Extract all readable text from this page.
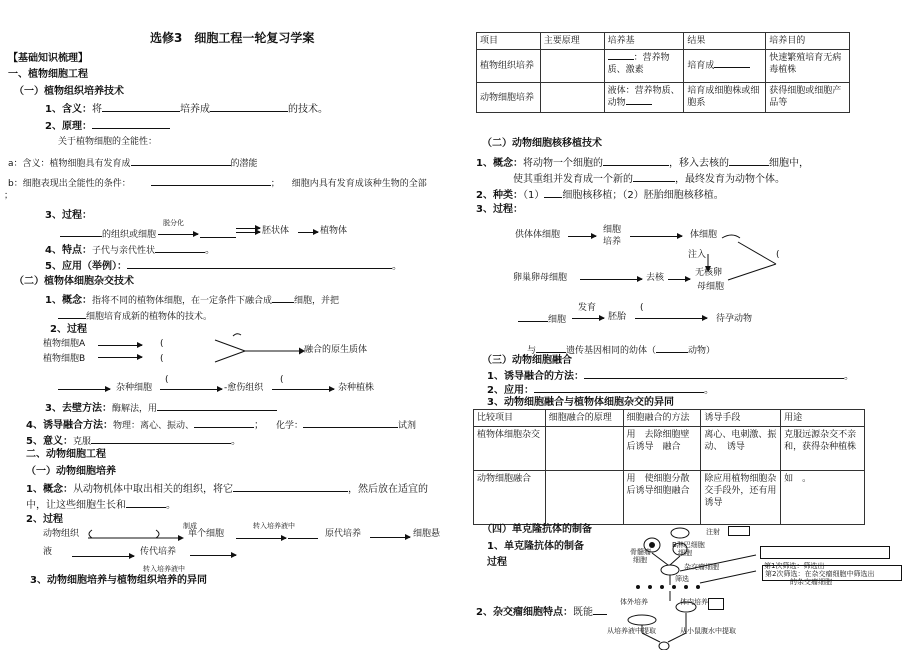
选修3　细胞工程一轮复习学案
【基础知识梳理】
一、植物细胞工程
（一）植物组织培养技术
1、含义：将	培养成	的技术。
2、原理：
关于植物细胞的全能性：
a：含义：植物细胞具有发育成	的潜能
b：细胞表现出全能性的条件：	； 细胞内具有发育成该种生物的全部
；
3、过程：
脱分化
的组织或细胞	胚状体	植物体
4、特点：子代与亲代性状	。
5、应用（举例）：	。
（二）植物体细胞杂交技术
1、概念：指将不同的植物体细胞，在一定条件下融合成 细胞，并把
细胞培育成新的植物体的技术。
2、过程
植物细胞A	(
植物细胞B	(
融合的原生质体
杂种细胞
(
-愈伤组织
(
杂种植株
3、去壁方法：酶解法，用
4、诱导融合方法：物理：离心、振动、	； 化学：	试剂
5、意义：克服	。
二、动物细胞工程
（一）动物细胞培养
1、概念：从动物机体中取出相关的组织，将它	，然后放在适宜的
中，让这些细胞生长和	。
2、过程
动物组织
制成
单个细胞
转入培养液中
原代培养	细胞悬
液	传代培养
转入培养液中
3、动物细胞培养与植物组织培养的异同
项目	主要原理	培养基	结果	培养目的
植物组织培养		：营养物质、激素	培育成	快速繁殖培育无病毒植株
动物细胞培养		液体：营养物质、动物	培育成细胞株或细胞系	获得细胞或细胞产品等
（二）动物细胞核移植技术
1、概念：将动物一个细胞的	，移入去核的	细胞中，
使其重组并发育成一个新的	，最终发育为动物个体。
2、种类：（1） 细胞核移植；（2）胚胎细胞核移植。
3、过程：
供体体细胞	细胞
培养
体细胞
注入	(
卵巢卵母细胞	去核	无核卵
母细胞
细胞
发育
胚胎
(
待孕动物
与	遗传基因相同的幼体（	动物）
（三）动物细胞融合
1、诱导融合的方法：	。
2、应用：	。
3、动物细胞融合与植物体细胞杂交的异同
比较项目	细胞融合的原理	细胞融合的方法	诱导手段	用途
植物体细胞杂交		用　去除细胞壁后诱导　融合	离心、电刺激、振动、　诱导	克服远源杂交不亲和，获得杂种植株
动物细胞融合		用　使细胞分散后诱导细胞融合	除应用植物细胞杂交手段外，还有用　诱导	如　。
（四）单克隆抗体的制备
1、单克隆抗体的制备
过程
2、杂交瘤细胞特点：既能
注射
骨髓瘤
细胞
B淋巴细胞
细胞
杂交瘤细胞	第1次筛选：筛选出
筛选
第2次筛选：在杂交瘤细胞中筛选出
的杂交瘤细胞
体外培养	体内培养
从培养液中提取	从小鼠腹水中提取
